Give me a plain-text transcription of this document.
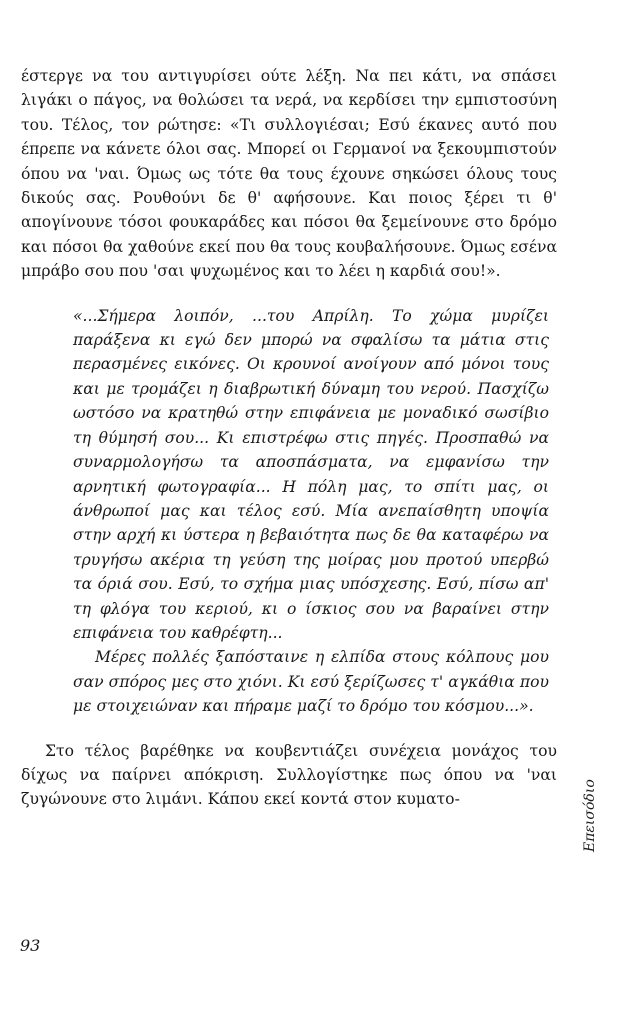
έστεργε να του αντιγυρίσει ούτε λέξη. Να πει κάτι, να σπάσει λιγάκι ο πάγος, να θολώσει τα νερά, να κερδίσει την εμπιστοσύνη του. Τέλος, τον ρώτησε: «Τι συλλογιέσαι; Εσύ έκανες αυτό που έπρεπε να κάνετε όλοι σας. Μπορεί οι Γερμανοί να ξεκουμπιστούν όπου να 'ναι. Όμως ως τότε θα τους έχουνε σηκώσει όλους τους δικούς σας. Ρουθούνι δε θ' αφήσουνε. Και ποιος ξέρει τι θ' απογίνουνε τόσοι φουκαράδες και πόσοι θα ξεμείνουνε στο δρόμο και πόσοι θα χαθούνε εκεί που θα τους κουβαλήσουνε. Όμως εσένα μπράβο σου που 'σαι ψυχωμένος και το λέει η καρδιά σου!».

«...Σήμερα λοιπόν, ...του Απρίλη. Το χώμα μυρίζει παράξενα κι εγώ δεν μπορώ να σφαλίσω τα μάτια στις περασμένες εικόνες. Οι κρουνοί ανοίγουν από μόνοι τους και με τρομάζει η διαβρωτική δύναμη του νερού. Πασχίζω ωστόσο να κρατηθώ στην επιφάνεια με μοναδικό σωσίβιο τη θύμησή σου... Κι επιστρέφω στις πηγές. Προσπαθώ να συναρμολογήσω τα αποσπάσματα, να εμφανίσω την αρνητική φωτογραφία... Η πόλη μας, το σπίτι μας, οι άνθρωποί μας και τέλος εσύ. Μία ανεπαίσθητη υποψία στην αρχή κι ύστερα η βεβαιότητα πως δε θα καταφέρω να τρυγήσω ακέρια τη γεύση της μοίρας μου προτού υπερβώ τα όριά σου. Εσύ, το σχήμα μιας υπόσχεσης. Εσύ, πίσω απ' τη φλόγα του κεριού, κι ο ίσκιος σου να βαραίνει στην επιφάνεια του καθρέφτη...

Μέρες πολλές ξαπόσταινε η ελπίδα στους κόλπους μου σαν σπόρος μες στο χιόνι. Κι εσύ ξερίζωσες τ' αγκάθια που με στοιχειώναν και πήραμε μαζί το δρόμο του κόσμου...».

Στο τέλος βαρέθηκε να κουβεντιάζει συνέχεια μονάχος του δίχως να παίρνει απόκριση. Συλλογίστηκε πως όπου να 'ναι ζυγώνουνε στο λιμάνι. Κάπου εκεί κοντά στον κυματο-

93
Επεισόδιο
